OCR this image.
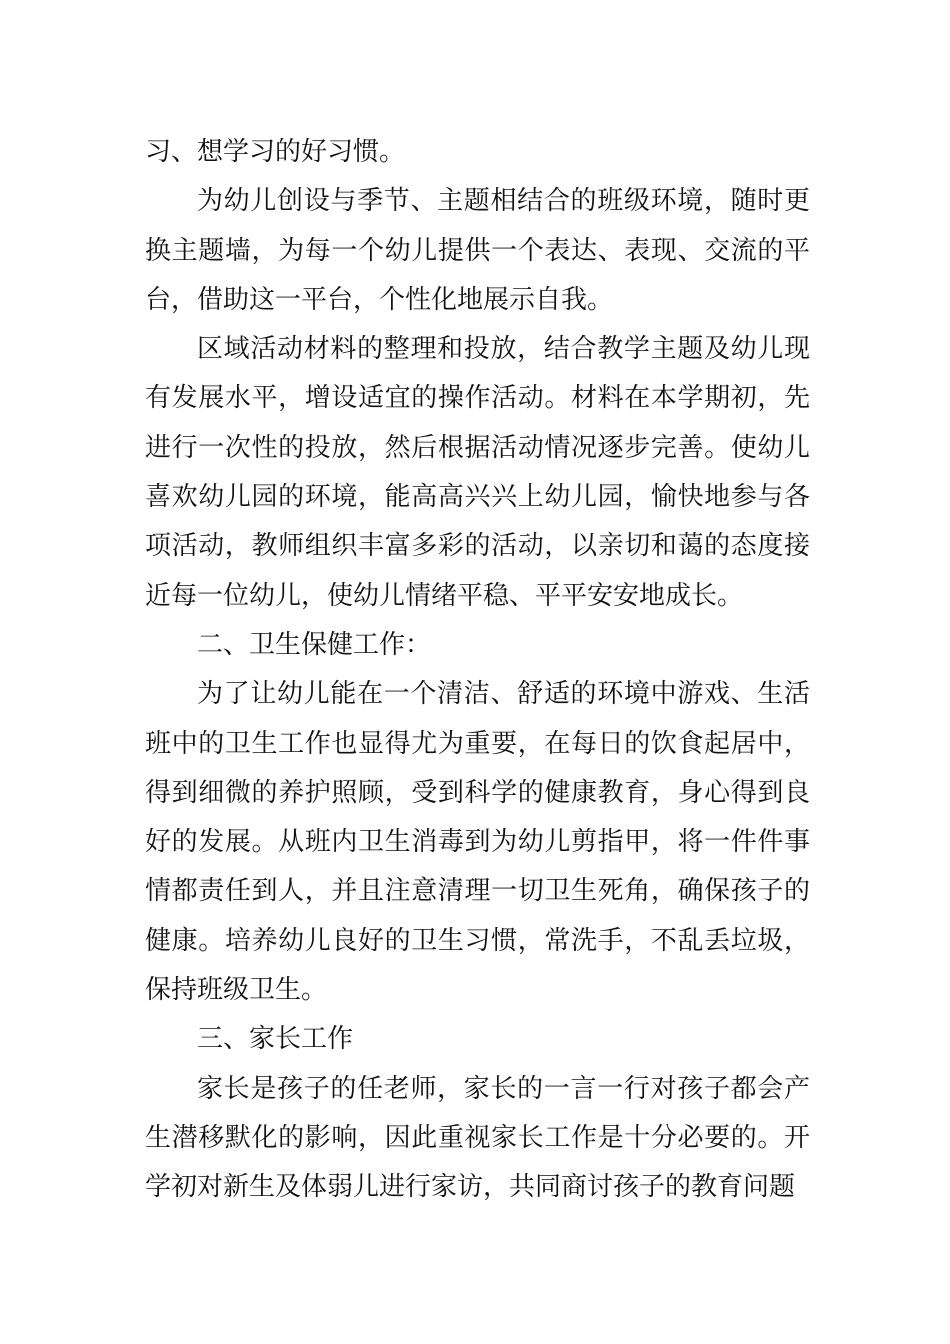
习、想学习的好习惯。

为幼儿创设与季节、主题相结合的班级环境，随时更换主题墙，为每一个幼儿提供一个表达、表现、交流的平台，借助这一平台，个性化地展示自我。

区域活动材料的整理和投放，结合教学主题及幼儿现有发展水平，增设适宜的操作活动。材料在本学期初，先进行一次性的投放，然后根据活动情况逐步完善。使幼儿喜欢幼儿园的环境，能高高兴兴上幼儿园，愉快地参与各项活动，教师组织丰富多彩的活动，以亲切和蔼的态度接近每一位幼儿，使幼儿情绪平稳、平平安安地成长。

二、卫生保健工作：

为了让幼儿能在一个清洁、舒适的环境中游戏、生活班中的卫生工作也显得尤为重要，在每日的饮食起居中，得到细微的养护照顾，受到科学的健康教育，身心得到良好的发展。从班内卫生消毒到为幼儿剪指甲，将一件件事情都责任到人，并且注意清理一切卫生死角，确保孩子的健康。培养幼儿良好的卫生习惯，常洗手，不乱丢垃圾，保持班级卫生。

三、家长工作

家长是孩子的任老师，家长的一言一行对孩子都会产生潜移默化的影响，因此重视家长工作是十分必要的。开学初对新生及体弱儿进行家访，共同商讨孩子的教育问题
